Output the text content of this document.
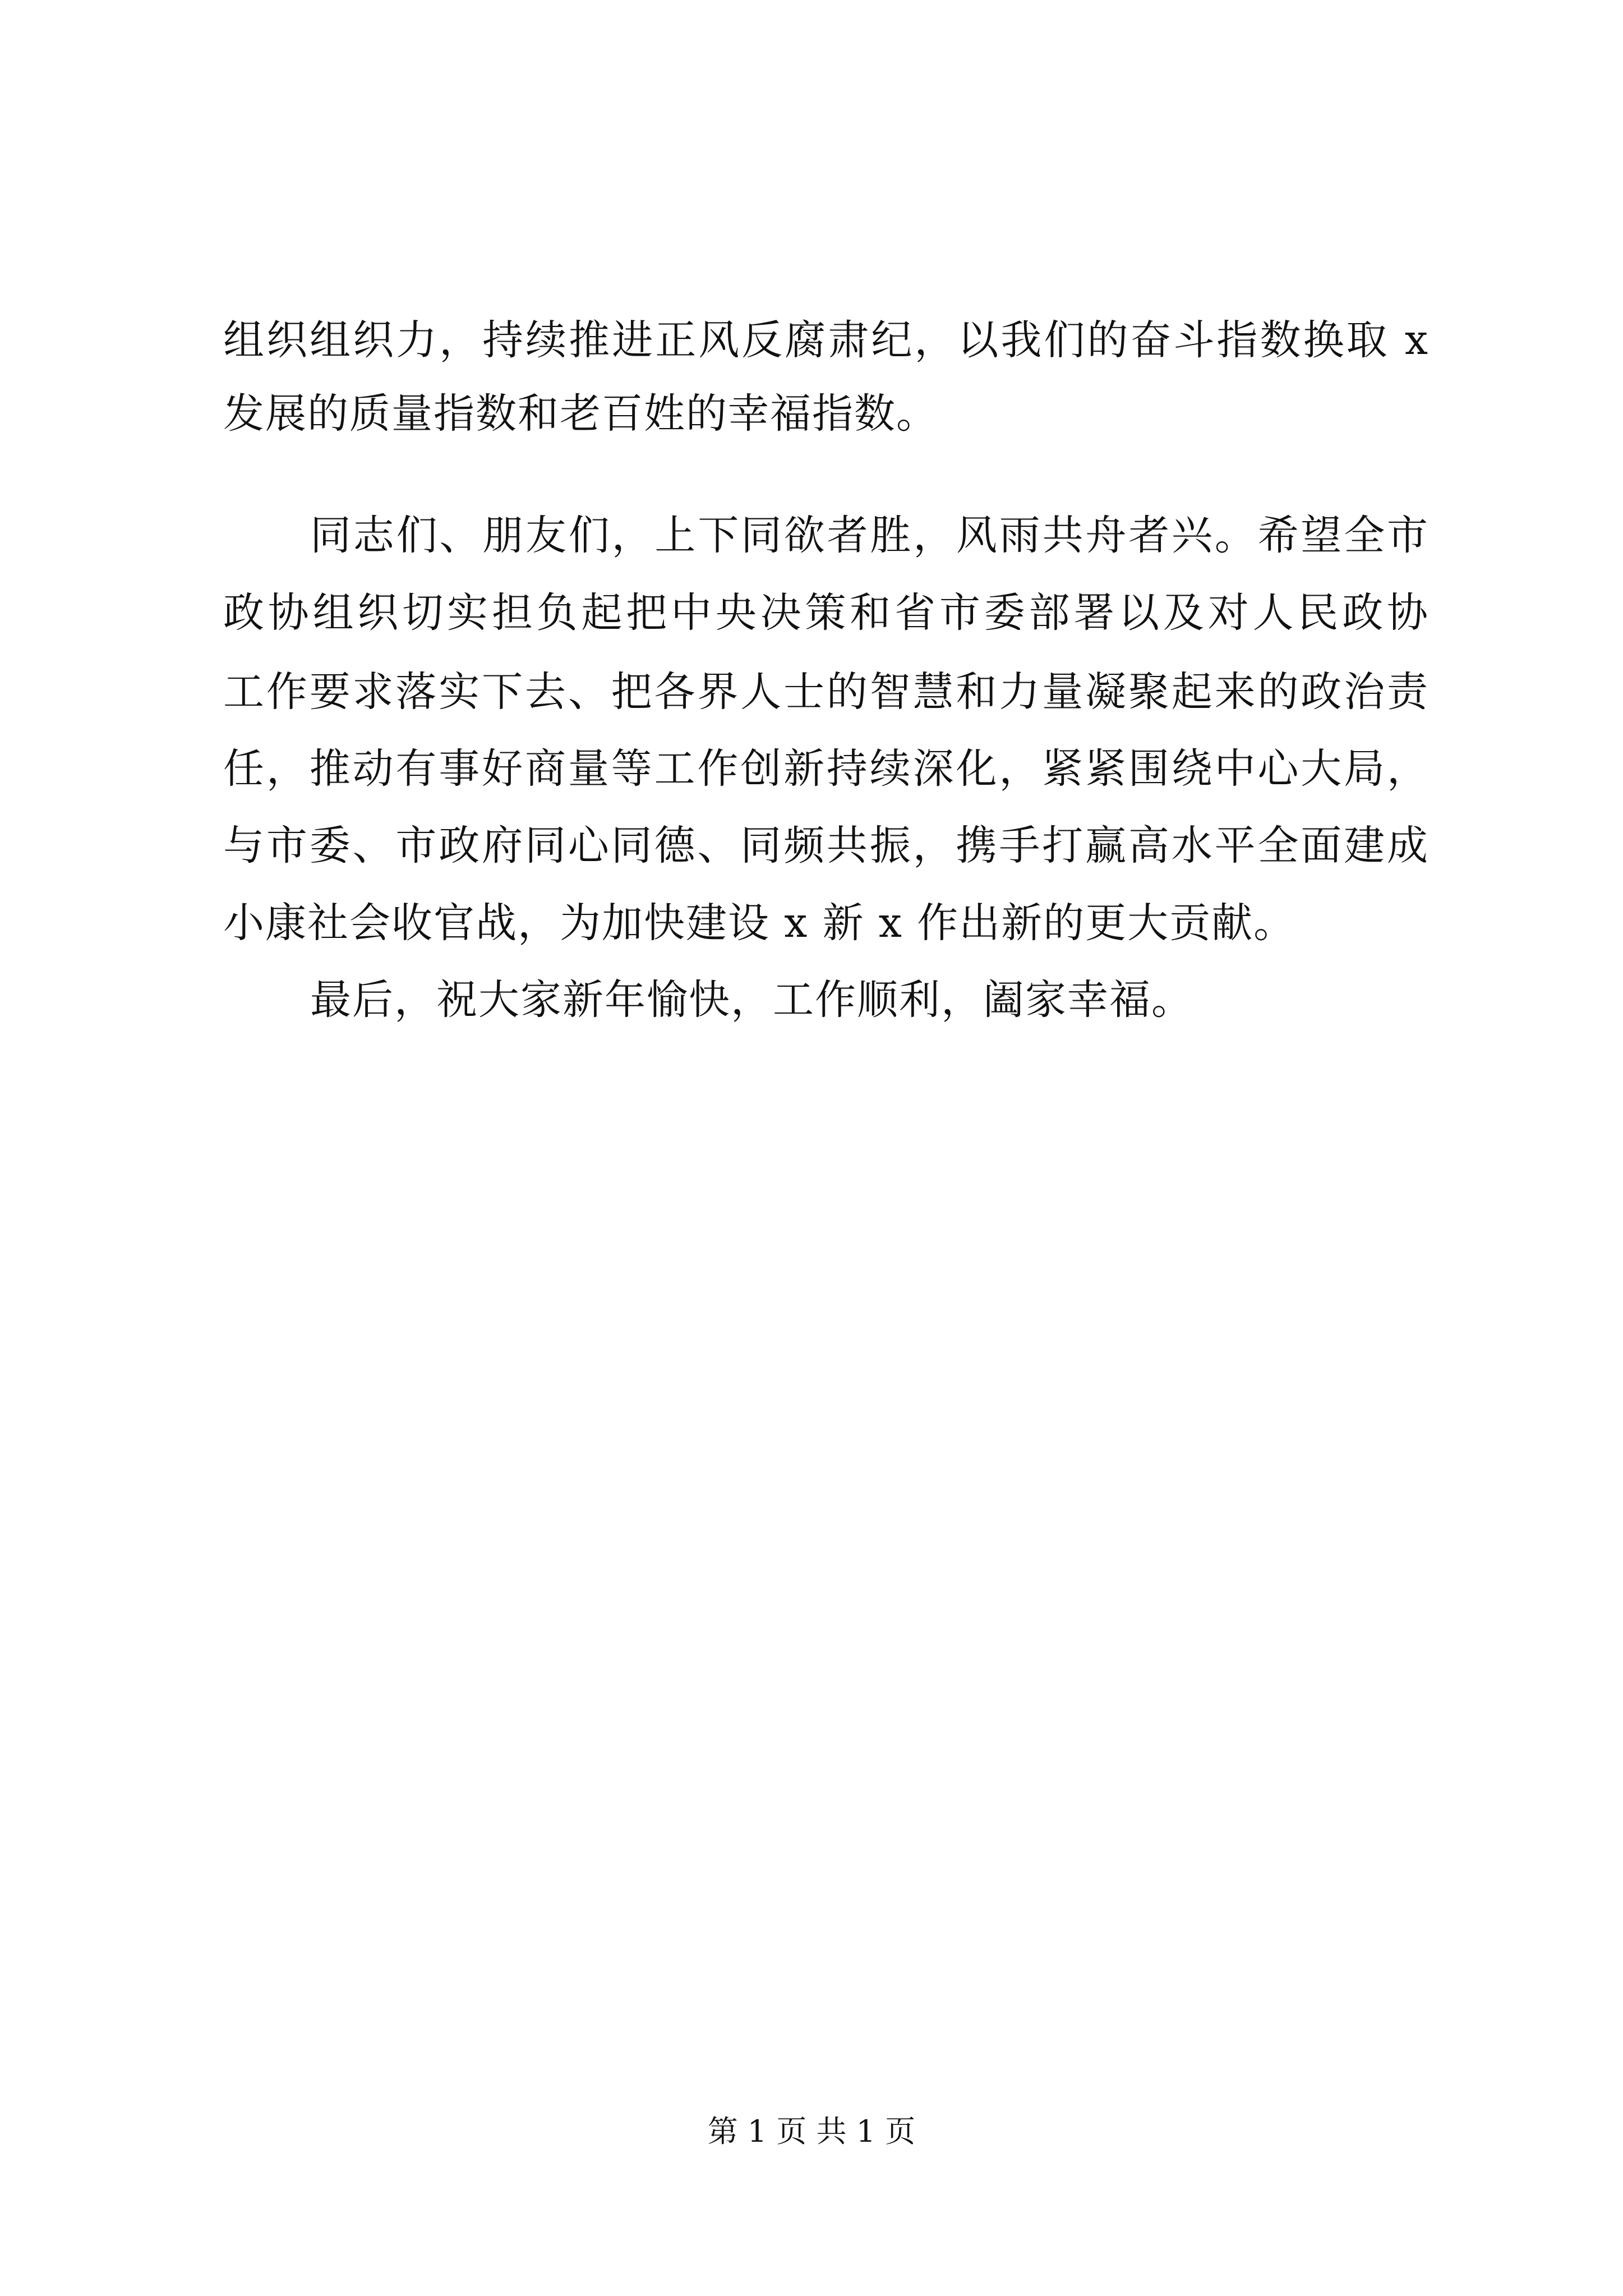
组织组织力，持续推进正风反腐肃纪，以我们的奋斗指数换取 x
发展的质量指数和老百姓的幸福指数。
同志们、朋友们，上下同欲者胜，风雨共舟者兴。希望全市
政协组织切实担负起把中央决策和省市委部署以及对人民政协
工作要求落实下去、把各界人士的智慧和力量凝聚起来的政治责
任，推动有事好商量等工作创新持续深化，紧紧围绕中心大局，
与市委、市政府同心同德、同频共振，携手打赢高水平全面建成
小康社会收官战，为加快建设 x 新 x 作出新的更大贡献。
最后，祝大家新年愉快，工作顺利，阖家幸福。
第 1 页 共 1 页
